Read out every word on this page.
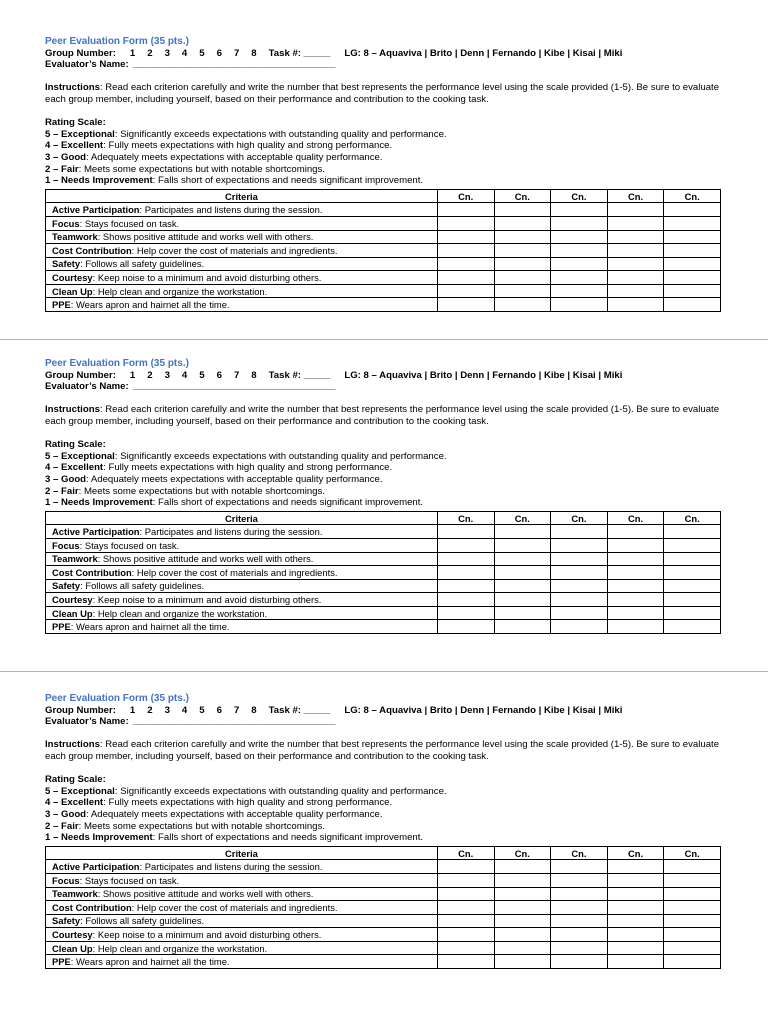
Peer Evaluation Form (35 pts.)
Group Number: 1 2 3 4 5 6 7 8 Task #: _____ LG: 8 – Aquaviva | Brito | Denn | Fernando | Kibe | Kisai | Miki
Evaluator’s Name: ______________________________________
Instructions: Read each criterion carefully and write the number that best represents the performance level using the scale provided (1-5). Be sure to evaluate each group member, including yourself, based on their performance and contribution to the cooking task.
Rating Scale:
5 – Exceptional: Significantly exceeds expectations with outstanding quality and performance.
4 – Excellent: Fully meets expectations with high quality and strong performance.
3 – Good: Adequately meets expectations with acceptable quality performance.
2 – Fair: Meets some expectations but with notable shortcomings.
1 – Needs Improvement: Falls short of expectations and needs significant improvement.
Criteria	Cn.	Cn.	Cn.	Cn.	Cn.
Active Participation: Participates and listens during the session.					
Focus: Stays focused on task.					
Teamwork: Shows positive attitude and works well with others.					
Cost Contribution: Help cover the cost of materials and ingredients.					
Safety: Follows all safety guidelines.					
Courtesy: Keep noise to a minimum and avoid disturbing others.					
Clean Up: Help clean and organize the workstation.					
PPE: Wears apron and hairnet all the time.					
Peer Evaluation Form (35 pts.)
Group Number: 1 2 3 4 5 6 7 8 Task #: _____ LG: 8 – Aquaviva | Brito | Denn | Fernando | Kibe | Kisai | Miki
Evaluator’s Name: ______________________________________
Instructions: Read each criterion carefully and write the number that best represents the performance level using the scale provided (1-5). Be sure to evaluate each group member, including yourself, based on their performance and contribution to the cooking task.
Rating Scale:
5 – Exceptional: Significantly exceeds expectations with outstanding quality and performance.
4 – Excellent: Fully meets expectations with high quality and strong performance.
3 – Good: Adequately meets expectations with acceptable quality performance.
2 – Fair: Meets some expectations but with notable shortcomings.
1 – Needs Improvement: Falls short of expectations and needs significant improvement.
Criteria	Cn.	Cn.	Cn.	Cn.	Cn.
Active Participation: Participates and listens during the session.					
Focus: Stays focused on task.					
Teamwork: Shows positive attitude and works well with others.					
Cost Contribution: Help cover the cost of materials and ingredients.					
Safety: Follows all safety guidelines.					
Courtesy: Keep noise to a minimum and avoid disturbing others.					
Clean Up: Help clean and organize the workstation.					
PPE: Wears apron and hairnet all the time.					
Peer Evaluation Form (35 pts.)
Group Number: 1 2 3 4 5 6 7 8 Task #: _____ LG: 8 – Aquaviva | Brito | Denn | Fernando | Kibe | Kisai | Miki
Evaluator’s Name: ______________________________________
Instructions: Read each criterion carefully and write the number that best represents the performance level using the scale provided (1-5). Be sure to evaluate each group member, including yourself, based on their performance and contribution to the cooking task.
Rating Scale:
5 – Exceptional: Significantly exceeds expectations with outstanding quality and performance.
4 – Excellent: Fully meets expectations with high quality and strong performance.
3 – Good: Adequately meets expectations with acceptable quality performance.
2 – Fair: Meets some expectations but with notable shortcomings.
1 – Needs Improvement: Falls short of expectations and needs significant improvement.
Criteria	Cn.	Cn.	Cn.	Cn.	Cn.
Active Participation: Participates and listens during the session.					
Focus: Stays focused on task.					
Teamwork: Shows positive attitude and works well with others.					
Cost Contribution: Help cover the cost of materials and ingredients.					
Safety: Follows all safety guidelines.					
Courtesy: Keep noise to a minimum and avoid disturbing others.					
Clean Up: Help clean and organize the workstation.					
PPE: Wears apron and hairnet all the time.					
